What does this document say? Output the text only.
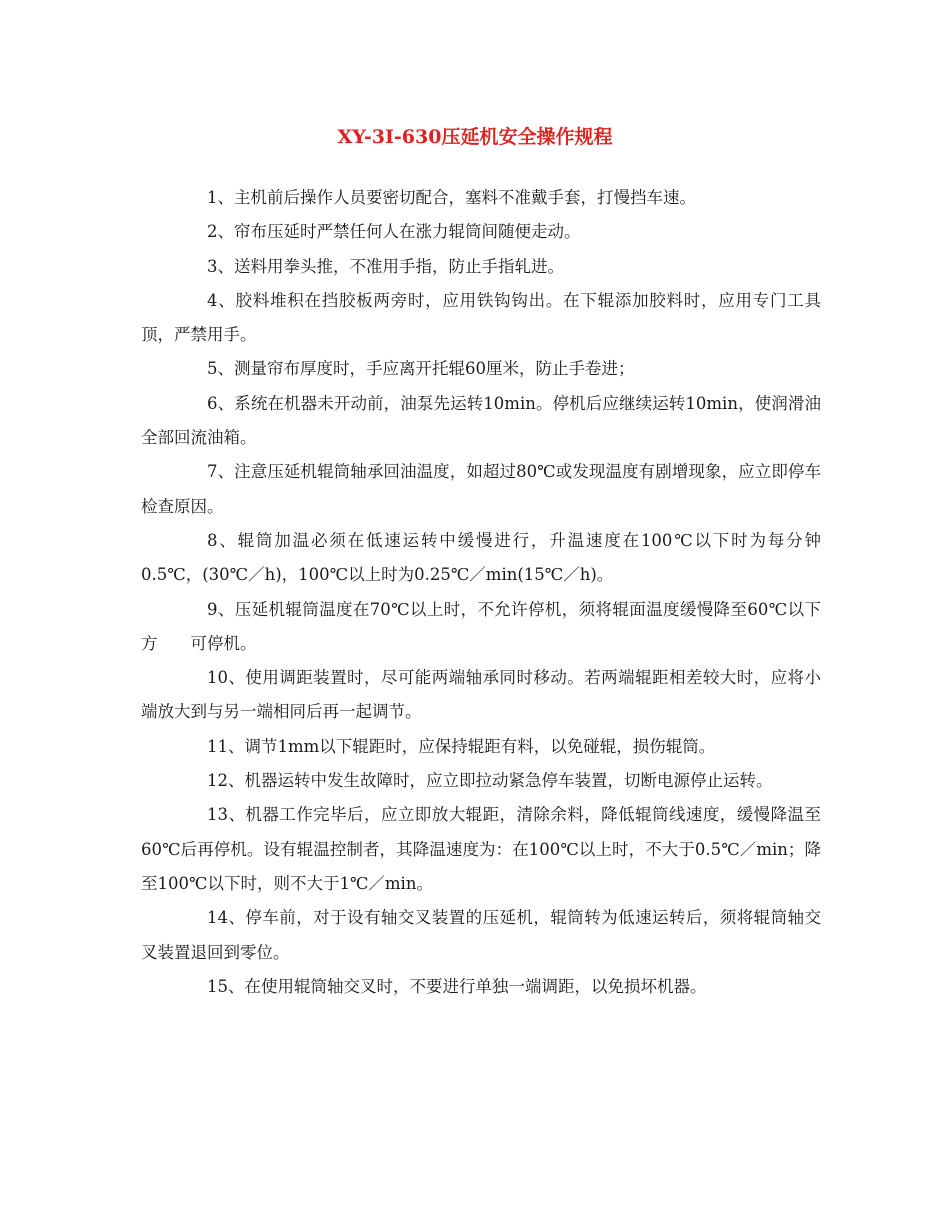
XY-3I-630压延机安全操作规程

1、主机前后操作人员要密切配合，塞料不准戴手套，打慢挡车速。

2、帘布压延时严禁任何人在涨力辊筒间随便走动。

3、送料用拳头推，不准用手指，防止手指轧进。

4、胶料堆积在挡胶板两旁时，应用铁钩钩出。在下辊添加胶料时，应用专门工具顶，严禁用手。

5、测量帘布厚度时，手应离开托辊60厘米，防止手卷进；

6、系统在机器未开动前，油泵先运转10min。停机后应继续运转10min，使润滑油全部回流油箱。

7、注意压延机辊筒轴承回油温度，如超过80℃或发现温度有剧增现象，应立即停车检查原因。

8、辊筒加温必须在低速运转中缓慢进行，升温速度在100℃以下时为每分钟0.5℃，(30℃／h)，100℃以上时为0.25℃／min(15℃／h)。

9、压延机辊筒温度在70℃以上时，不允许停机，须将辊面温度缓慢降至60℃以下方　　可停机。

10、使用调距装置时，尽可能两端轴承同时移动。若两端辊距相差较大时，应将小端放大到与另一端相同后再一起调节。

11、调节1mm以下辊距时，应保持辊距有料，以免碰辊，损伤辊筒。

12、机器运转中发生故障时，应立即拉动紧急停车装置，切断电源停止运转。

13、机器工作完毕后，应立即放大辊距，清除余料，降低辊筒线速度，缓慢降温至60℃后再停机。设有辊温控制者，其降温速度为：在100℃以上时，不大于0.5℃／min；降至100℃以下时，则不大于1℃／min。

14、停车前，对于设有轴交叉装置的压延机，辊筒转为低速运转后，须将辊筒轴交叉装置退回到零位。

15、在使用辊筒轴交叉时，不要进行单独一端调距，以免损坏机器。
